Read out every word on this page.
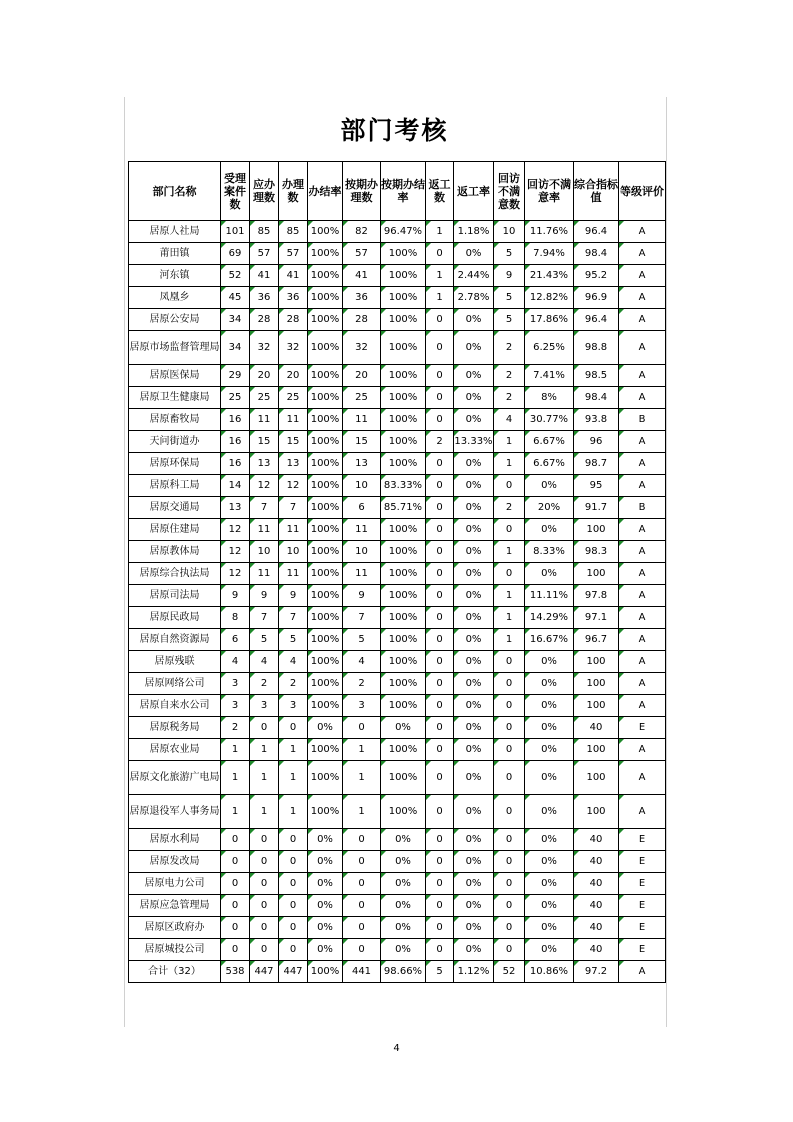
部门考核
部门名称	受理案件数	应办理数	办理数	办结率	按期办理数	按期办结率	返工数	返工率	回访不满意数	回访不满意率	综合指标值	等级评价
居原人社局	101	85	85	100%	82	96.47%	1	1.18%	10	11.76%	96.4	A
莆田镇	69	57	57	100%	57	100%	0	0%	5	7.94%	98.4	A
河东镇	52	41	41	100%	41	100%	1	2.44%	9	21.43%	95.2	A
凤凰乡	45	36	36	100%	36	100%	1	2.78%	5	12.82%	96.9	A
居原公安局	34	28	28	100%	28	100%	0	0%	5	17.86%	96.4	A
居原市场监督管理局	34	32	32	100%	32	100%	0	0%	2	6.25%	98.8	A
居原医保局	29	20	20	100%	20	100%	0	0%	2	7.41%	98.5	A
居原卫生健康局	25	25	25	100%	25	100%	0	0%	2	8%	98.4	A
居原畜牧局	16	11	11	100%	11	100%	0	0%	4	30.77%	93.8	B
天问街道办	16	15	15	100%	15	100%	2	13.33%	1	6.67%	96	A
居原环保局	16	13	13	100%	13	100%	0	0%	1	6.67%	98.7	A
居原科工局	14	12	12	100%	10	83.33%	0	0%	0	0%	95	A
居原交通局	13	7	7	100%	6	85.71%	0	0%	2	20%	91.7	B
居原住建局	12	11	11	100%	11	100%	0	0%	0	0%	100	A
居原教体局	12	10	10	100%	10	100%	0	0%	1	8.33%	98.3	A
居原综合执法局	12	11	11	100%	11	100%	0	0%	0	0%	100	A
居原司法局	9	9	9	100%	9	100%	0	0%	1	11.11%	97.8	A
居原民政局	8	7	7	100%	7	100%	0	0%	1	14.29%	97.1	A
居原自然资源局	6	5	5	100%	5	100%	0	0%	1	16.67%	96.7	A
居原残联	4	4	4	100%	4	100%	0	0%	0	0%	100	A
居原网络公司	3	2	2	100%	2	100%	0	0%	0	0%	100	A
居原自来水公司	3	3	3	100%	3	100%	0	0%	0	0%	100	A
居原税务局	2	0	0	0%	0	0%	0	0%	0	0%	40	E
居原农业局	1	1	1	100%	1	100%	0	0%	0	0%	100	A
居原文化旅游广电局	1	1	1	100%	1	100%	0	0%	0	0%	100	A
居原退役军人事务局	1	1	1	100%	1	100%	0	0%	0	0%	100	A
居原水利局	0	0	0	0%	0	0%	0	0%	0	0%	40	E
居原发改局	0	0	0	0%	0	0%	0	0%	0	0%	40	E
居原电力公司	0	0	0	0%	0	0%	0	0%	0	0%	40	E
居原应急管理局	0	0	0	0%	0	0%	0	0%	0	0%	40	E
居原区政府办	0	0	0	0%	0	0%	0	0%	0	0%	40	E
居原城投公司	0	0	0	0%	0	0%	0	0%	0	0%	40	E
合计（32）	538	447	447	100%	441	98.66%	5	1.12%	52	10.86%	97.2	A
4
